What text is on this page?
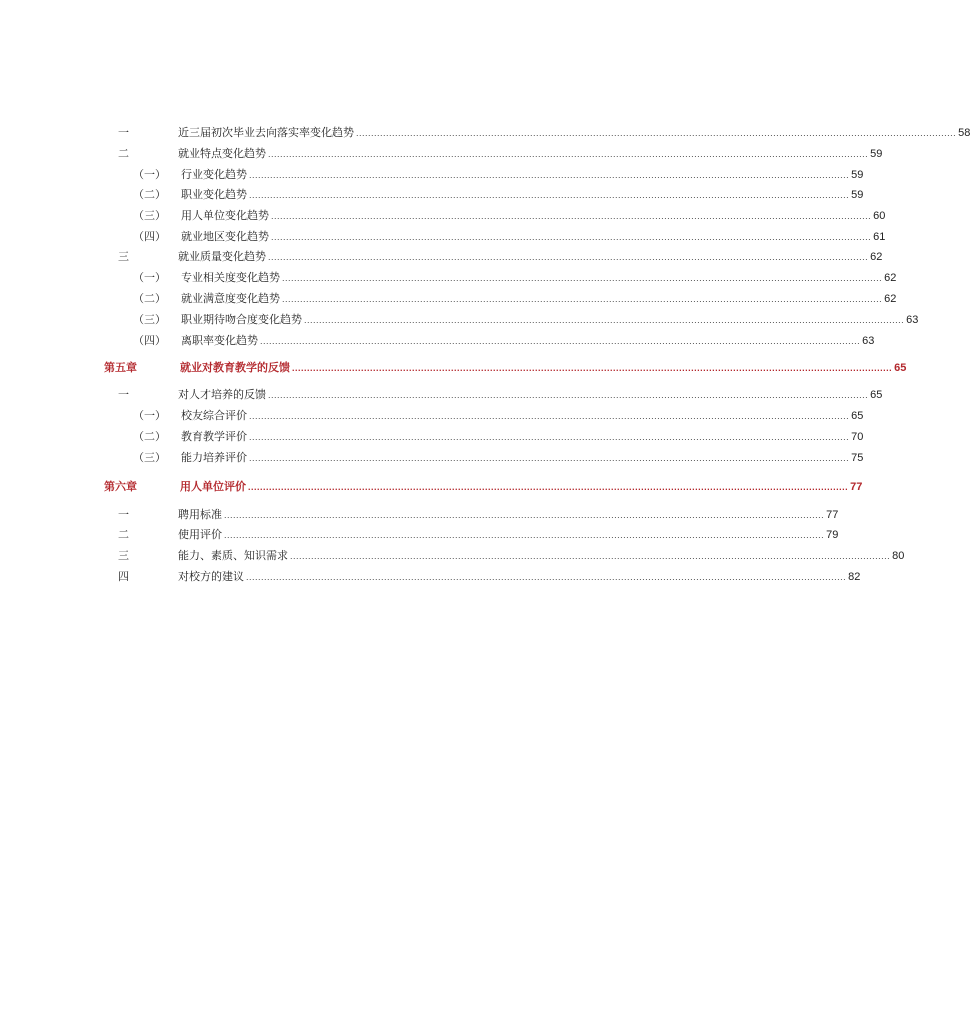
一	近三届初次毕业去向落实率变化趋势 ........................................................................................................................................................................................................ 58
二	就业特点变化趋势 ........................................................................................................................................................................................................ 59
（一） 行业变化趋势 ........................................................................................................................................................................................................ 59
（二） 职业变化趋势 ........................................................................................................................................................................................................ 59
（三） 用人单位变化趋势 ........................................................................................................................................................................................................ 60
（四） 就业地区变化趋势 ........................................................................................................................................................................................................ 61
三	就业质量变化趋势 ........................................................................................................................................................................................................ 62
（一） 专业相关度变化趋势 ........................................................................................................................................................................................................ 62
（二） 就业满意度变化趋势 ........................................................................................................................................................................................................ 62
（三） 职业期待吻合度变化趋势 ........................................................................................................................................................................................................ 63
（四） 离职率变化趋势 ........................................................................................................................................................................................................ 63
第五章	就业对教育教学的反馈 ........................................................................................................................................................................................................ 65
一	对人才培养的反馈 ........................................................................................................................................................................................................ 65
（一） 校友综合评价 ........................................................................................................................................................................................................ 65
（二） 教育教学评价 ........................................................................................................................................................................................................ 70
（三） 能力培养评价 ........................................................................................................................................................................................................ 75
第六章	用人单位评价 ........................................................................................................................................................................................................ 77
一	聘用标准 ........................................................................................................................................................................................................ 77
二	使用评价 ........................................................................................................................................................................................................ 79
三	能力、素质、知识需求 ........................................................................................................................................................................................................ 80
四	对校方的建议 ........................................................................................................................................................................................................ 82
